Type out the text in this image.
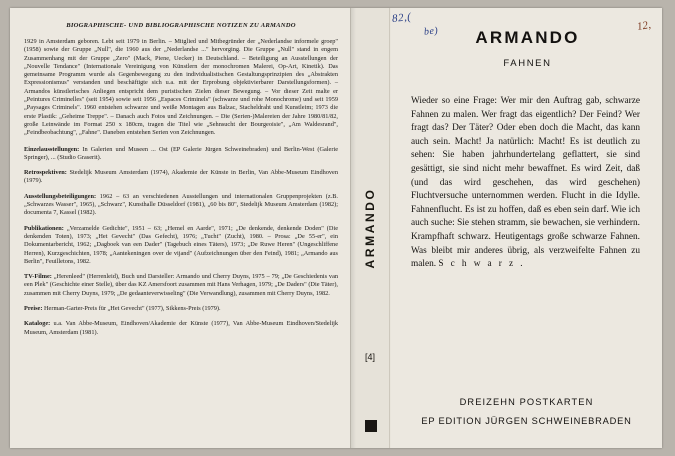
BIOGRAPHISCHE- UND BIBLIOGRAPHISCHE NOTIZEN ZU ARMANDO
1929 in Amsterdam geboren. Lebt seit 1979 in Berlin. – Mitglied und Mitbegründer der „Nederlandse informele groep" (1958) sowie der Gruppe „Null", die 1960 aus der „Nederlandse ..." hervorging. Die Gruppe „Null" stand in engem Zusammenhang mit der Gruppe „Zero" (Mack, Piene, Uecker) in Deutschland. – Beteiligung an Ausstellungen der „Nouvelle Tendance" (Internationale Vereinigung von Künstlern der monochromen Malerei, Op-Art, Kinetik). Das gemeinsame Programm wurde als Gegenbewegung zu den individualistischen Gestaltungsprinzipien des „Abstrakten Expressionismus" verstanden und beschäftigte sich u.a. mit der Erprobung objektivierbarer Darstellungsformen). – Armandos künstlerisches Anliegen entspricht dem puristischen Zielen dieser Bewegung. – Vor dieser Zeit malte er „Peintures Criminelles" (seit 1954) sowie seit 1956 „Espaces Criminels" (schwarze und rohe Monochrome) und seit 1959 „Paysages Criminels". 1960 entstehen schwarze und weiße Montagen aus Balzac, Stacheldraht und Kunstleim; 1973 die erste Plastik: „Geheime Treppe". – Danach auch Fotos und Zeichnungen. – Die (Serien-)Malereien der Jahre 1980/81/82, große Leinwände im Format 250 x 180cm, tragen die Titel wie „Sehnsucht der Bourgeoisie", „Am Waldesrand", „Feindbeobachtung", „Fahne". Daneben entstehen Serien von Zeichnungen.
Einzelausstellungen: In Galerien und Museen ... Ost (EP Galerie Jürgen Schweinebraden) und Berlin-West (Galerie Springer), ... (Studio Graserit).
Retrospektiven: Stedelijk Museum Amsterdam (1974), Akademie der Künste in Berlin, Van Abbe-Museum Eindhoven (1979).
Ausstellungsbeteiligungen: 1962 – 63 an verschiedenen Ausstellungen und internationalen Gruppenprojekten (z.B. „Schwarzes Wasser", 1965), „Schwarz", Kunsthalle Düsseldorf (1981), „60 bis 80", Stedelijk Museum Amsterdam (1982); documenta 7, Kassel (1982).
Publikationen: „Verzamelde Gedichte", 1951 – 63; „Hemel en Aarde", 1971; „De denkende, denkende Doden" (Die denkenden Toten), 1973; „Het Gevecht" (Das Gefecht), 1976; „Tucht" (Zucht), 1980. – Prosa: „De 55-er", ein Dokumentarbericht, 1962; „Dagboek van een Dader" (Tagebuch eines Täters), 1973; „De Ruwe Heren" (Ungeschliffene Herren), Kurzgeschichten, 1978; „Aantekeningen over de vijand" (Aufzeichnungen über den Feind), 1981; „Armando aus Berlin", Feuilletons, 1982.
TV-Filme: „Herenleed" (Herrenleid), Buch und Darsteller: Armando und Cherry Duyns, 1975 – 79; „De Geschiedenis van een Plek" (Geschichte einer Stelle), über das KZ Amersfoort zusammen mit Hans Verhagen, 1979; „De Daders" (Die Täter), zusammen mit Cherry Duyns, 1979; „De gedaanteverwisseling" (Die Verwandlung), zusammen mit Cherry Duyns, 1982.
Preise: Herman-Garter-Preis für „Het Gevecht" (1977), Sikkens-Preis (1979).
Kataloge: u.a. Van Abbe-Museum, Eindhoven/Akademie der Künste (1977), Van Abbe-Museum Eindhoven/Stedelijk Museum, Amsterdam (1981).
ARMANDO
[4]
ARMANDO
FAHNEN
Wieder so eine Frage: Wer mir den Auftrag gab, schwarze Fahnen zu malen. Wer fragt das eigentlich? Der Feind? Wer fragt das? Der Täter? Oder eben doch die Macht, das kann auch sein. Macht! Ja natürlich: Macht! Es ist deutlich zu sehen: Sie haben jahrhundertelang geflattert, sie sind gesättigt, sie sind nicht mehr bewaffnet. Es wird Zeit, daß (und das wird geschehen, das wird geschehen) Fluchtversuche unternommen werden. Flucht in die Idylle. Fahnenflucht. Es ist zu hoffen, daß es eben sein darf. Wie ich auch suche: Sie stehen stramm, sie bewachen, sie verhindern. Krampfhaft schwarz. Heutigentags große schwarze Fahnen. Was bleibt mir anderes übrig, als verzweifelte Fahnen zu malen. S c h w a r z .
DREIZEHN POSTKARTEN
EP EDITION JÜRGEN SCHWEINEBRADEN
82,(
be)	12,
